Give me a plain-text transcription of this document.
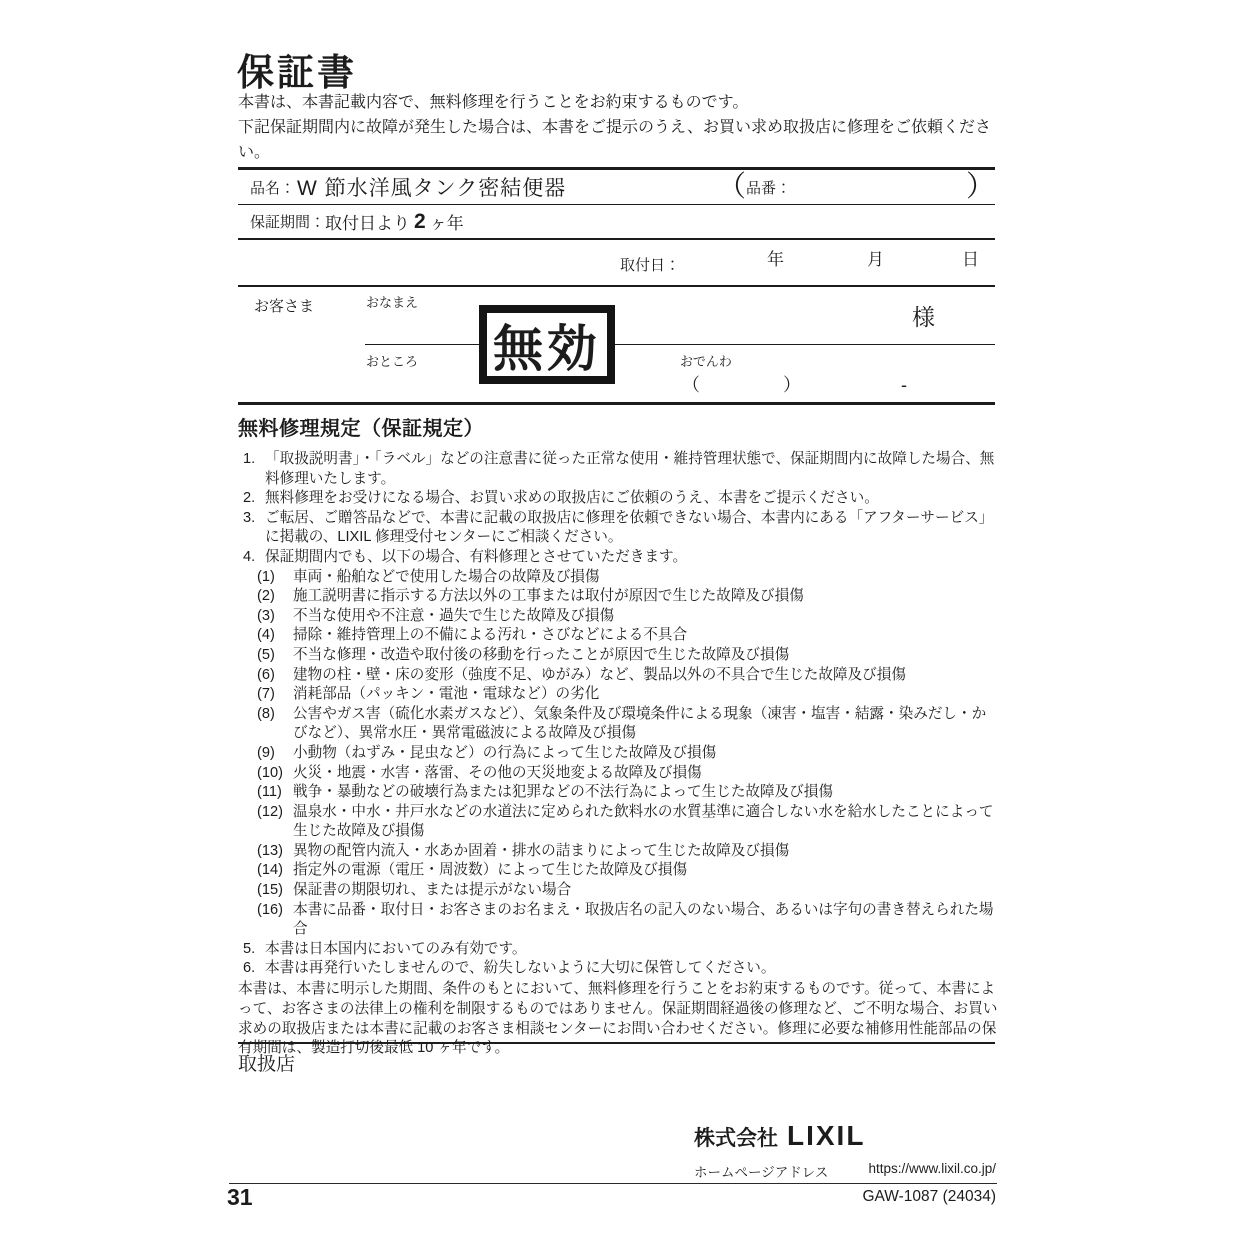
保証書

本書は、本書記載内容で、無料修理を行うことをお約束するものです。

下記保証期間内に故障が発生した場合は、本書をご提示のうえ、お買い求め取扱店に修理をご依頼ください。

品名： W 節水洋風タンク密結便器	（ 品番：	）
保証期間： 取付日より 2 ヶ年
取付日：	年	月	日
お客さま	おなまえ
様
おところ	おでんわ
（	）	-
無効
無料修理規定（保証規定）
1. 「取扱説明書」・「ラベル」などの注意書に従った正常な使用・維持管理状態で、保証期間内に故障した場合、無料修理いたします。
2. 無料修理をお受けになる場合、お買い求めの取扱店にご依頼のうえ、本書をご提示ください。
3. ご転居、ご贈答品などで、本書に記載の取扱店に修理を依頼できない場合、本書内にある「アフターサービス」に掲載の、LIXIL 修理受付センターにご相談ください。
4. 保証期間内でも、以下の場合、有料修理とさせていただきます。
(1)	車両・船舶などで使用した場合の故障及び損傷
(2)	施工説明書に指示する方法以外の工事または取付が原因で生じた故障及び損傷
(3)	不当な使用や不注意・過失で生じた故障及び損傷
(4)	掃除・維持管理上の不備による汚れ・さびなどによる不具合
(5)	不当な修理・改造や取付後の移動を行ったことが原因で生じた故障及び損傷
(6)	建物の柱・壁・床の変形（強度不足、ゆがみ）など、製品以外の不具合で生じた故障及び損傷
(7)	消耗部品（パッキン・電池・電球など）の劣化
(8)	公害やガス害（硫化水素ガスなど）、気象条件及び環境条件による現象（凍害・塩害・結露・染みだし・かびなど）、異常水圧・異常電磁波による故障及び損傷
(9)	小動物（ねずみ・昆虫など）の行為によって生じた故障及び損傷
(10) 火災・地震・水害・落雷、その他の天災地変よる故障及び損傷
(11) 戦争・暴動などの破壊行為または犯罪などの不法行為によって生じた故障及び損傷
(12) 温泉水・中水・井戸水などの水道法に定められた飲料水の水質基準に適合しない水を給水したことによって生じた故障及び損傷
(13) 異物の配管内流入・水あか固着・排水の詰まりによって生じた故障及び損傷
(14) 指定外の電源（電圧・周波数）によって生じた故障及び損傷
(15) 保証書の期限切れ、または提示がない場合
(16) 本書に品番・取付日・お客さまのお名まえ・取扱店名の記入のない場合、あるいは字句の書き替えられた場合
5. 本書は日本国内においてのみ有効です。
6. 本書は再発行いたしませんので、紛失しないように大切に保管してください。

本書は、本書に明示した期間、条件のもとにおいて、無料修理を行うことをお約束するものです。従って、本書によって、お客さまの法律上の権利を制限するものではありません。保証期間経過後の修理など、ご不明な場合、お買い求めの取扱店または本書に記載のお客さま相談センターにお問い合わせください。修理に必要な補修用性能部品の保有期間は、製造打切後最低 10 ヶ年です。

取扱店
株式会社 LIXIL
ホームページアドレス	https://www.lixil.co.jp/
GAW-1087 (24034)
31
